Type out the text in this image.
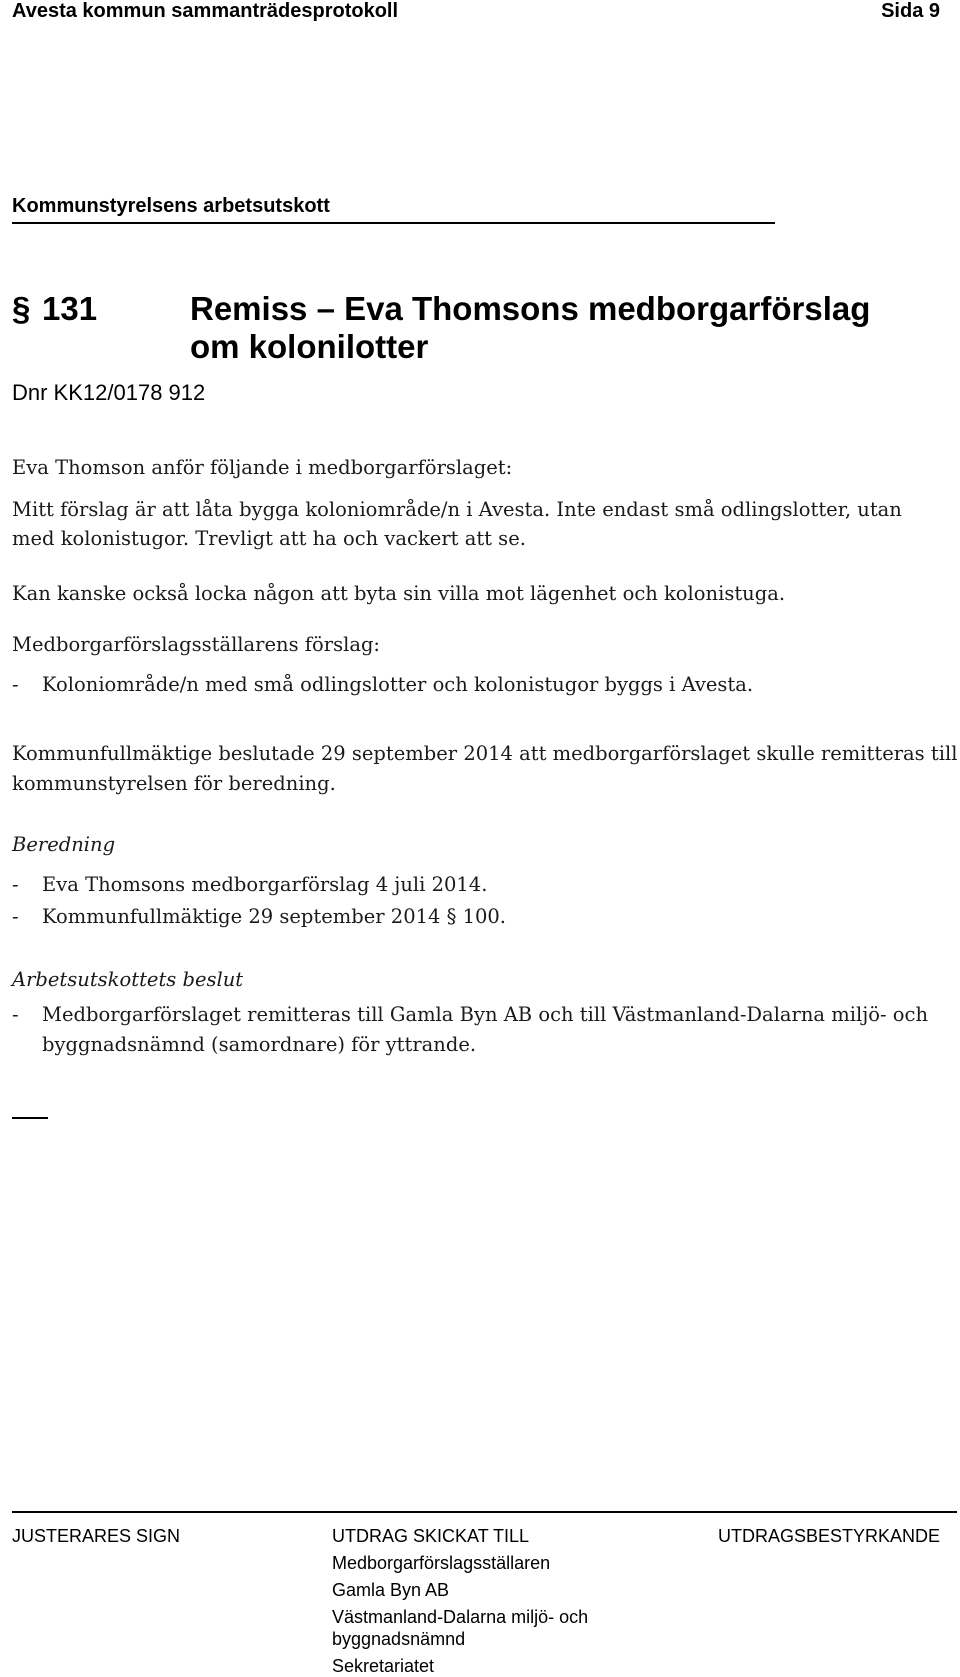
Avesta kommun sammanträdesprotokoll	Sida 9
Kommunstyrelsens arbetsutskott
§ 131	Remiss – Eva Thomsons medborgarförslag
om kolonilotter
Dnr KK12/0178 912
Eva Thomson anför följande i medborgarförslaget:
Mitt förslag är att låta bygga koloniområde/n i Avesta. Inte endast små odlingslotter, utan
med kolonistugor. Trevligt att ha och vackert att se.
Kan kanske också locka någon att byta sin villa mot lägenhet och kolonistuga.
Medborgarförslagsställarens förslag:
- Koloniområde/n med små odlingslotter och kolonistugor byggs i Avesta.
Kommunfullmäktige beslutade 29 september 2014 att medborgarförslaget skulle remitteras till
kommunstyrelsen för beredning.
Beredning
- Eva Thomsons medborgarförslag 4 juli 2014.
- Kommunfullmäktige 29 september 2014 § 100.
Arbetsutskottets beslut
- Medborgarförslaget remitteras till Gamla Byn AB och till Västmanland-Dalarna miljö- och
byggnadsnämnd (samordnare) för yttrande.
JUSTERARES SIGN	UTDRAG SKICKAT TILL	UTDRAGSBESTYRKANDE
Medborgarförslagsställaren
Gamla Byn AB
Västmanland-Dalarna miljö- och
byggnadsnämnd
Sekretariatet
